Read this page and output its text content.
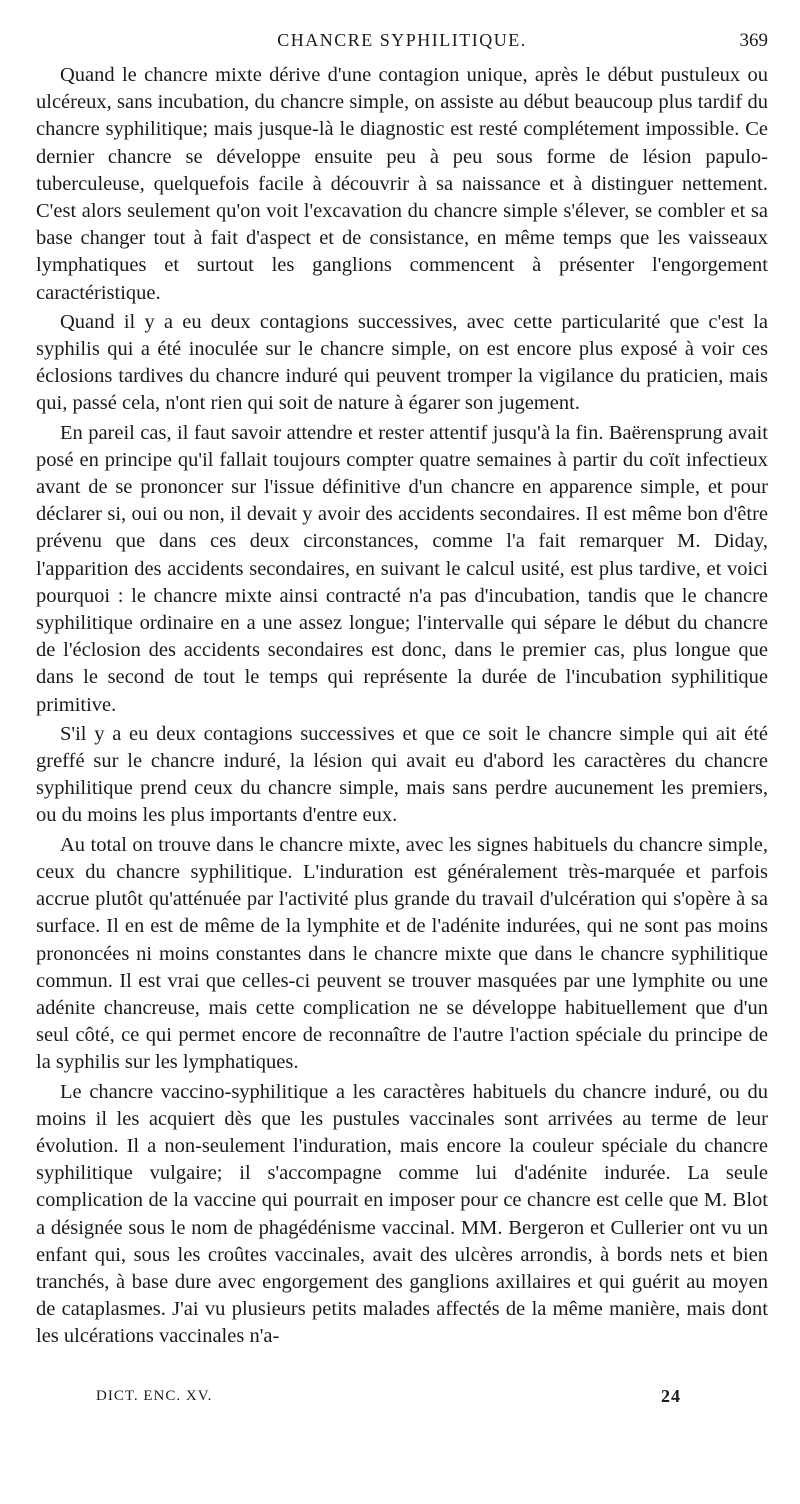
CHANCRE SYPHILITIQUE.	369

Quand le chancre mixte dérive d'une contagion unique, après le début pustuleux ou ulcéreux, sans incubation, du chancre simple, on assiste au début beaucoup plus tardif du chancre syphilitique; mais jusque-là le diagnostic est resté complétement impossible. Ce dernier chancre se développe ensuite peu à peu sous forme de lésion papulo-tuberculeuse, quelquefois facile à découvrir à sa naissance et à distinguer nettement. C'est alors seulement qu'on voit l'excavation du chancre simple s'élever, se combler et sa base changer tout à fait d'aspect et de consistance, en même temps que les vaisseaux lymphatiques et surtout les ganglions commencent à présenter l'engorgement caractéristique.

Quand il y a eu deux contagions successives, avec cette particularité que c'est la syphilis qui a été inoculée sur le chancre simple, on est encore plus exposé à voir ces éclosions tardives du chancre induré qui peuvent tromper la vigilance du praticien, mais qui, passé cela, n'ont rien qui soit de nature à égarer son jugement.

En pareil cas, il faut savoir attendre et rester attentif jusqu'à la fin. Baërensprung avait posé en principe qu'il fallait toujours compter quatre semaines à partir du coït infectieux avant de se prononcer sur l'issue définitive d'un chancre en apparence simple, et pour déclarer si, oui ou non, il devait y avoir des accidents secondaires. Il est même bon d'être prévenu que dans ces deux circonstances, comme l'a fait remarquer M. Diday, l'apparition des accidents secondaires, en suivant le calcul usité, est plus tardive, et voici pourquoi : le chancre mixte ainsi contracté n'a pas d'incubation, tandis que le chancre syphilitique ordinaire en a une assez longue; l'intervalle qui sépare le début du chancre de l'éclosion des accidents secondaires est donc, dans le premier cas, plus longue que dans le second de tout le temps qui représente la durée de l'incubation syphilitique primitive.

S'il y a eu deux contagions successives et que ce soit le chancre simple qui ait été greffé sur le chancre induré, la lésion qui avait eu d'abord les caractères du chancre syphilitique prend ceux du chancre simple, mais sans perdre aucunement les premiers, ou du moins les plus importants d'entre eux.

Au total on trouve dans le chancre mixte, avec les signes habituels du chancre simple, ceux du chancre syphilitique. L'induration est généralement très-marquée et parfois accrue plutôt qu'atténuée par l'activité plus grande du travail d'ulcération qui s'opère à sa surface. Il en est de même de la lymphite et de l'adénite indurées, qui ne sont pas moins prononcées ni moins constantes dans le chancre mixte que dans le chancre syphilitique commun. Il est vrai que celles-ci peuvent se trouver masquées par une lymphite ou une adénite chancreuse, mais cette complication ne se développe habituellement que d'un seul côté, ce qui permet encore de reconnaître de l'autre l'action spéciale du principe de la syphilis sur les lymphatiques.

Le chancre vaccino-syphilitique a les caractères habituels du chancre induré, ou du moins il les acquiert dès que les pustules vaccinales sont arrivées au terme de leur évolution. Il a non-seulement l'induration, mais encore la couleur spéciale du chancre syphilitique vulgaire; il s'accompagne comme lui d'adénite indurée. La seule complication de la vaccine qui pourrait en imposer pour ce chancre est celle que M. Blot a désignée sous le nom de phagédénisme vaccinal. MM. Bergeron et Cullerier ont vu un enfant qui, sous les croûtes vaccinales, avait des ulcères arrondis, à bords nets et bien tranchés, à base dure avec engorgement des ganglions axillaires et qui guérit au moyen de cataplasmes. J'ai vu plusieurs petits malades affectés de la même manière, mais dont les ulcérations vaccinales n'a-

DICT. ENC. XV.	24
